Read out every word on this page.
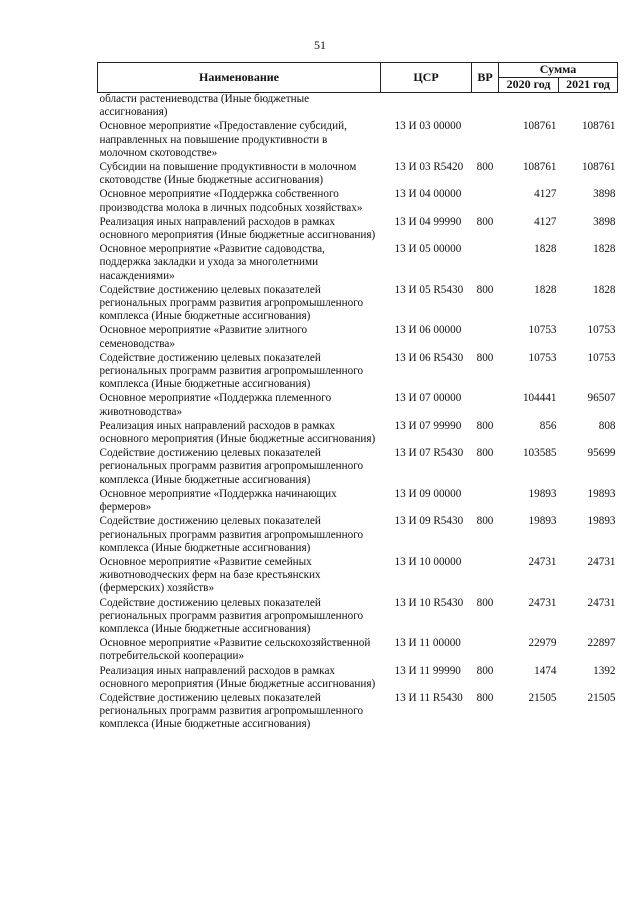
51
Наименование	ЦСР	ВР	Сумма	
			2020 год	2021 год
области растениеводства (Иные бюджетные ассигнования)				
Основное мероприятие «Предоставление субсидий, направленных на повышение продуктивности в молочном скотоводстве»	13 И 03 00000		108761	108761
Субсидии на повышение продуктивности в молочном скотоводстве (Иные бюджетные ассигнования)	13 И 03 R5420	800	108761	108761
Основное мероприятие «Поддержка собственного производства молока в личных подсобных хозяйствах»	13 И 04 00000		4127	3898
Реализация иных направлений расходов в рамках основного мероприятия (Иные бюджетные ассигнования)	13 И 04 99990	800	4127	3898
Основное мероприятие «Развитие садоводства, поддержка закладки и ухода за многолетними насаждениями»	13 И 05 00000		1828	1828
Содействие достижению целевых показателей региональных программ развития агропромышленного комплекса (Иные бюджетные ассигнования)	13 И 05 R5430	800	1828	1828
Основное мероприятие «Развитие элитного семеноводства»	13 И 06 00000		10753	10753
Содействие достижению целевых показателей региональных программ развития агропромышленного комплекса (Иные бюджетные ассигнования)	13 И 06 R5430	800	10753	10753
Основное мероприятие «Поддержка племенного животноводства»	13 И 07 00000		104441	96507
Реализация иных направлений расходов в рамках основного мероприятия (Иные бюджетные ассигнования)	13 И 07 99990	800	856	808
Содействие достижению целевых показателей региональных программ развития агропромышленного комплекса (Иные бюджетные ассигнования)	13 И 07 R5430	800	103585	95699
Основное мероприятие «Поддержка начинающих фермеров»	13 И 09 00000		19893	19893
Содействие достижению целевых показателей региональных программ развития агропромышленного комплекса (Иные бюджетные ассигнования)	13 И 09 R5430	800	19893	19893
Основное мероприятие «Развитие семейных животноводческих ферм на базе крестьянских (фермерских) хозяйств»	13 И 10 00000		24731	24731
Содействие достижению целевых показателей региональных программ развития агропромышленного комплекса (Иные бюджетные ассигнования)	13 И 10 R5430	800	24731	24731
Основное мероприятие «Развитие сельскохозяйственной потребительской кооперации»	13 И 11 00000		22979	22897
Реализация иных направлений расходов в рамках основного мероприятия (Иные бюджетные ассигнования)	13 И 11 99990	800	1474	1392
Содействие достижению целевых показателей региональных программ развития агропромышленного комплекса (Иные бюджетные ассигнования)	13 И 11 R5430	800	21505	21505
